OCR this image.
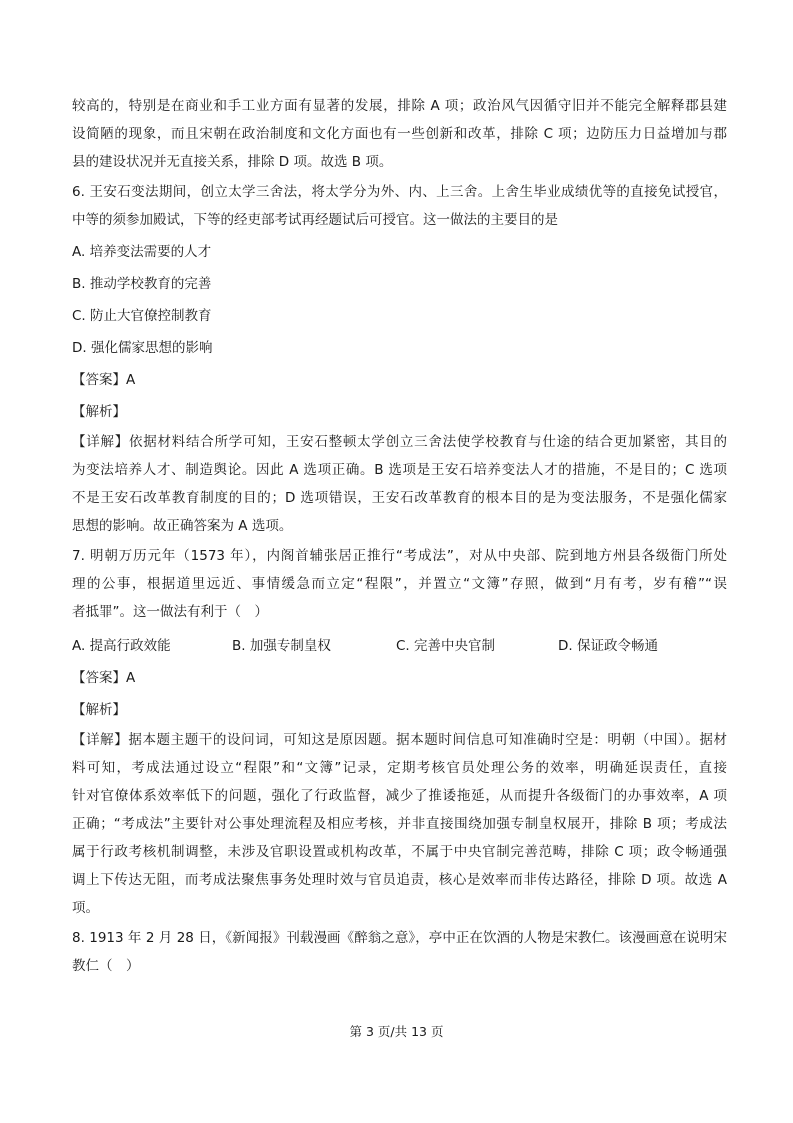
较高的，特别是在商业和手工业方面有显著的发展，排除 A 项；政治风气因循守旧并不能完全解释郡县建
设简陋的现象，而且宋朝在政治制度和文化方面也有一些创新和改革，排除 C 项；边防压力日益增加与郡
县的建设状况并无直接关系，排除 D 项。故选 B 项。
6. 王安石变法期间，创立太学三舍法，将太学分为外、内、上三舍。上舍生毕业成绩优等的直接免试授官，
中等的须参加殿试，下等的经吏部考试再经题试后可授官。这一做法的主要目的是
A. 培养变法需要的人才
B. 推动学校教育的完善
C. 防止大官僚控制教育
D. 强化儒家思想的影响
【答案】A
【解析】
【详解】依据材料结合所学可知，王安石整顿太学创立三舍法使学校教育与仕途的结合更加紧密，其目的
为变法培养人才、制造舆论。因此 A 选项正确。B 选项是王安石培养变法人才的措施，不是目的；C 选项
不是王安石改革教育制度的目的；D 选项错误，王安石改革教育的根本目的是为变法服务，不是强化儒家
思想的影响。故正确答案为 A 选项。
7. 明朝万历元年（1573 年），内阁首辅张居正推行“考成法”，对从中央部、院到地方州县各级衙门所处
理的公事，根据道里远近、事情缓急而立定“程限”，并置立“文簿”存照，做到“月有考，岁有稽”“误
者抵罪”。这一做法有利于（　）
A. 提高行政效能	B. 加强专制皇权	C. 完善中央官制	D. 保证政令畅通
【答案】A
【解析】
【详解】据本题主题干的设问词，可知这是原因题。据本题时间信息可知准确时空是：明朝（中国）。据材
料可知，考成法通过设立“程限”和“文簿”记录，定期考核官员处理公务的效率，明确延误责任，直接
针对官僚体系效率低下的问题，强化了行政监督，减少了推诿拖延，从而提升各级衙门的办事效率，A 项
正确；“考成法”主要针对公事处理流程及相应考核，并非直接围绕加强专制皇权展开，排除 B 项；考成法
属于行政考核机制调整，未涉及官职设置或机构改革，不属于中央官制完善范畴，排除 C 项；政令畅通强
调上下传达无阻，而考成法聚焦事务处理时效与官员追责，核心是效率而非传达路径，排除 D 项。故选 A
项。
8. 1913 年 2 月 28 日，《新闻报》刊载漫画《醉翁之意》，亭中正在饮酒的人物是宋教仁。该漫画意在说明宋
教仁（　）
第 3 页/共 13 页
